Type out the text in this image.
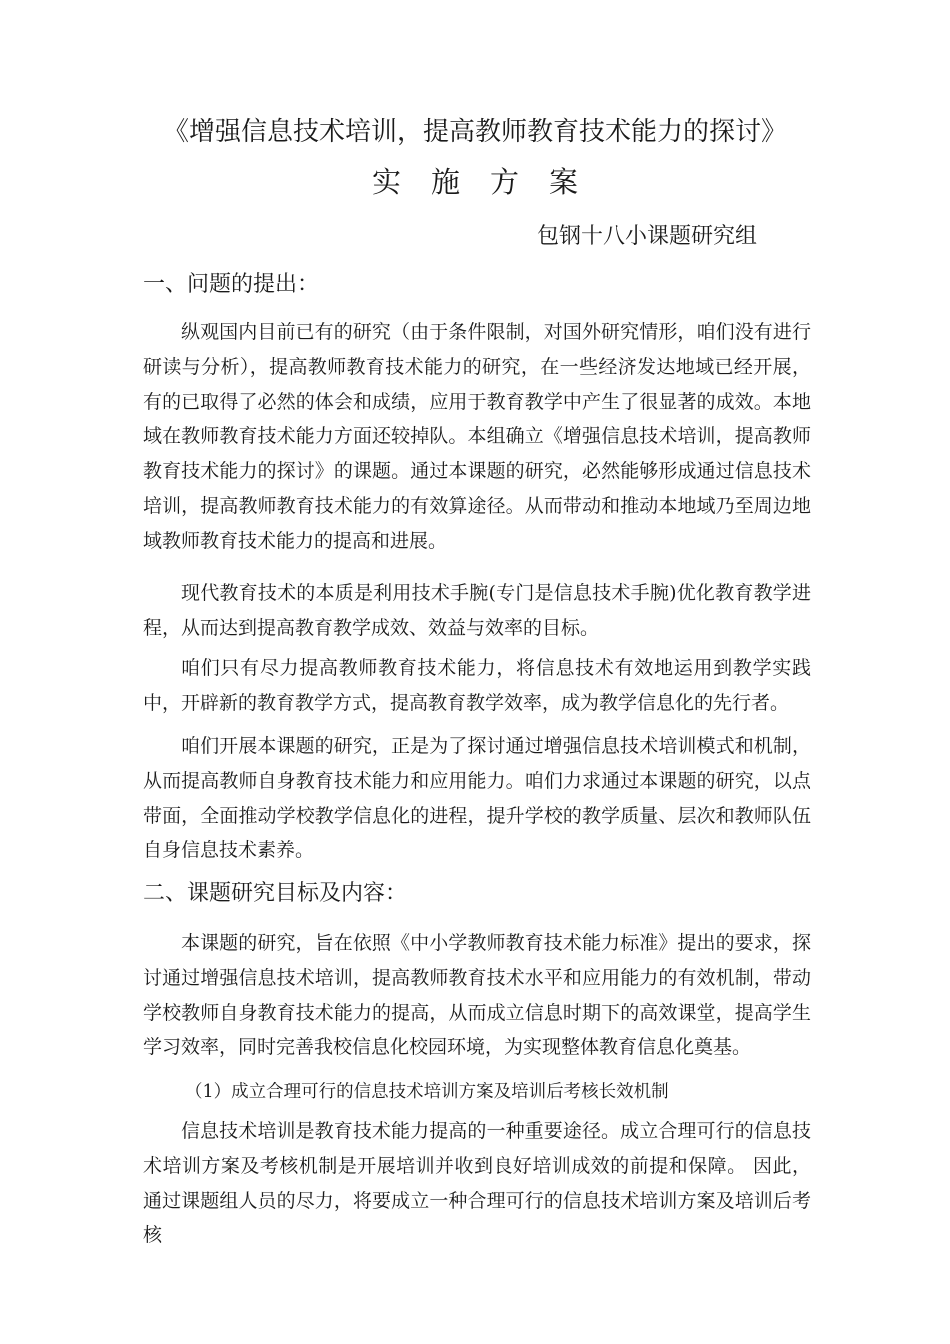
《增强信息技术培训，提高教师教育技术能力的探讨》
实施方案

包钢十八小课题研究组

一、问题的提出：

纵观国内目前已有的研究（由于条件限制，对国外研究情形，咱们没有进行研读与分析），提高教师教育技术能力的研究，在一些经济发达地域已经开展，有的已取得了必然的体会和成绩，应用于教育教学中产生了很显著的成效。本地域在教师教育技术能力方面还较掉队。本组确立《增强信息技术培训，提高教师教育技术能力的探讨》的课题。通过本课题的研究，必然能够形成通过信息技术培训，提高教师教育技术能力的有效算途径。从而带动和推动本地域乃至周边地域教师教育技术能力的提高和进展。

现代教育技术的本质是利用技术手腕(专门是信息技术手腕)优化教育教学进程，从而达到提高教育教学成效、效益与效率的目标。

咱们只有尽力提高教师教育技术能力，将信息技术有效地运用到教学实践中，开辟新的教育教学方式，提高教育教学效率，成为教学信息化的先行者。

咱们开展本课题的研究，正是为了探讨通过增强信息技术培训模式和机制，从而提高教师自身教育技术能力和应用能力。咱们力求通过本课题的研究，以点带面，全面推动学校教学信息化的进程，提升学校的教学质量、层次和教师队伍自身信息技术素养。

二、课题研究目标及内容：

本课题的研究，旨在依照《中小学教师教育技术能力标准》提出的要求，探讨通过增强信息技术培训，提高教师教育技术水平和应用能力的有效机制，带动学校教师自身教育技术能力的提高，从而成立信息时期下的高效课堂，提高学生学习效率，同时完善我校信息化校园环境，为实现整体教育信息化奠基。

（1）成立合理可行的信息技术培训方案及培训后考核长效机制

信息技术培训是教育技术能力提高的一种重要途径。成立合理可行的信息技术培训方案及考核机制是开展培训并收到良好培训成效的前提和保障。 因此，通过课题组人员的尽力，将要成立一种合理可行的信息技术培训方案及培训后考核
